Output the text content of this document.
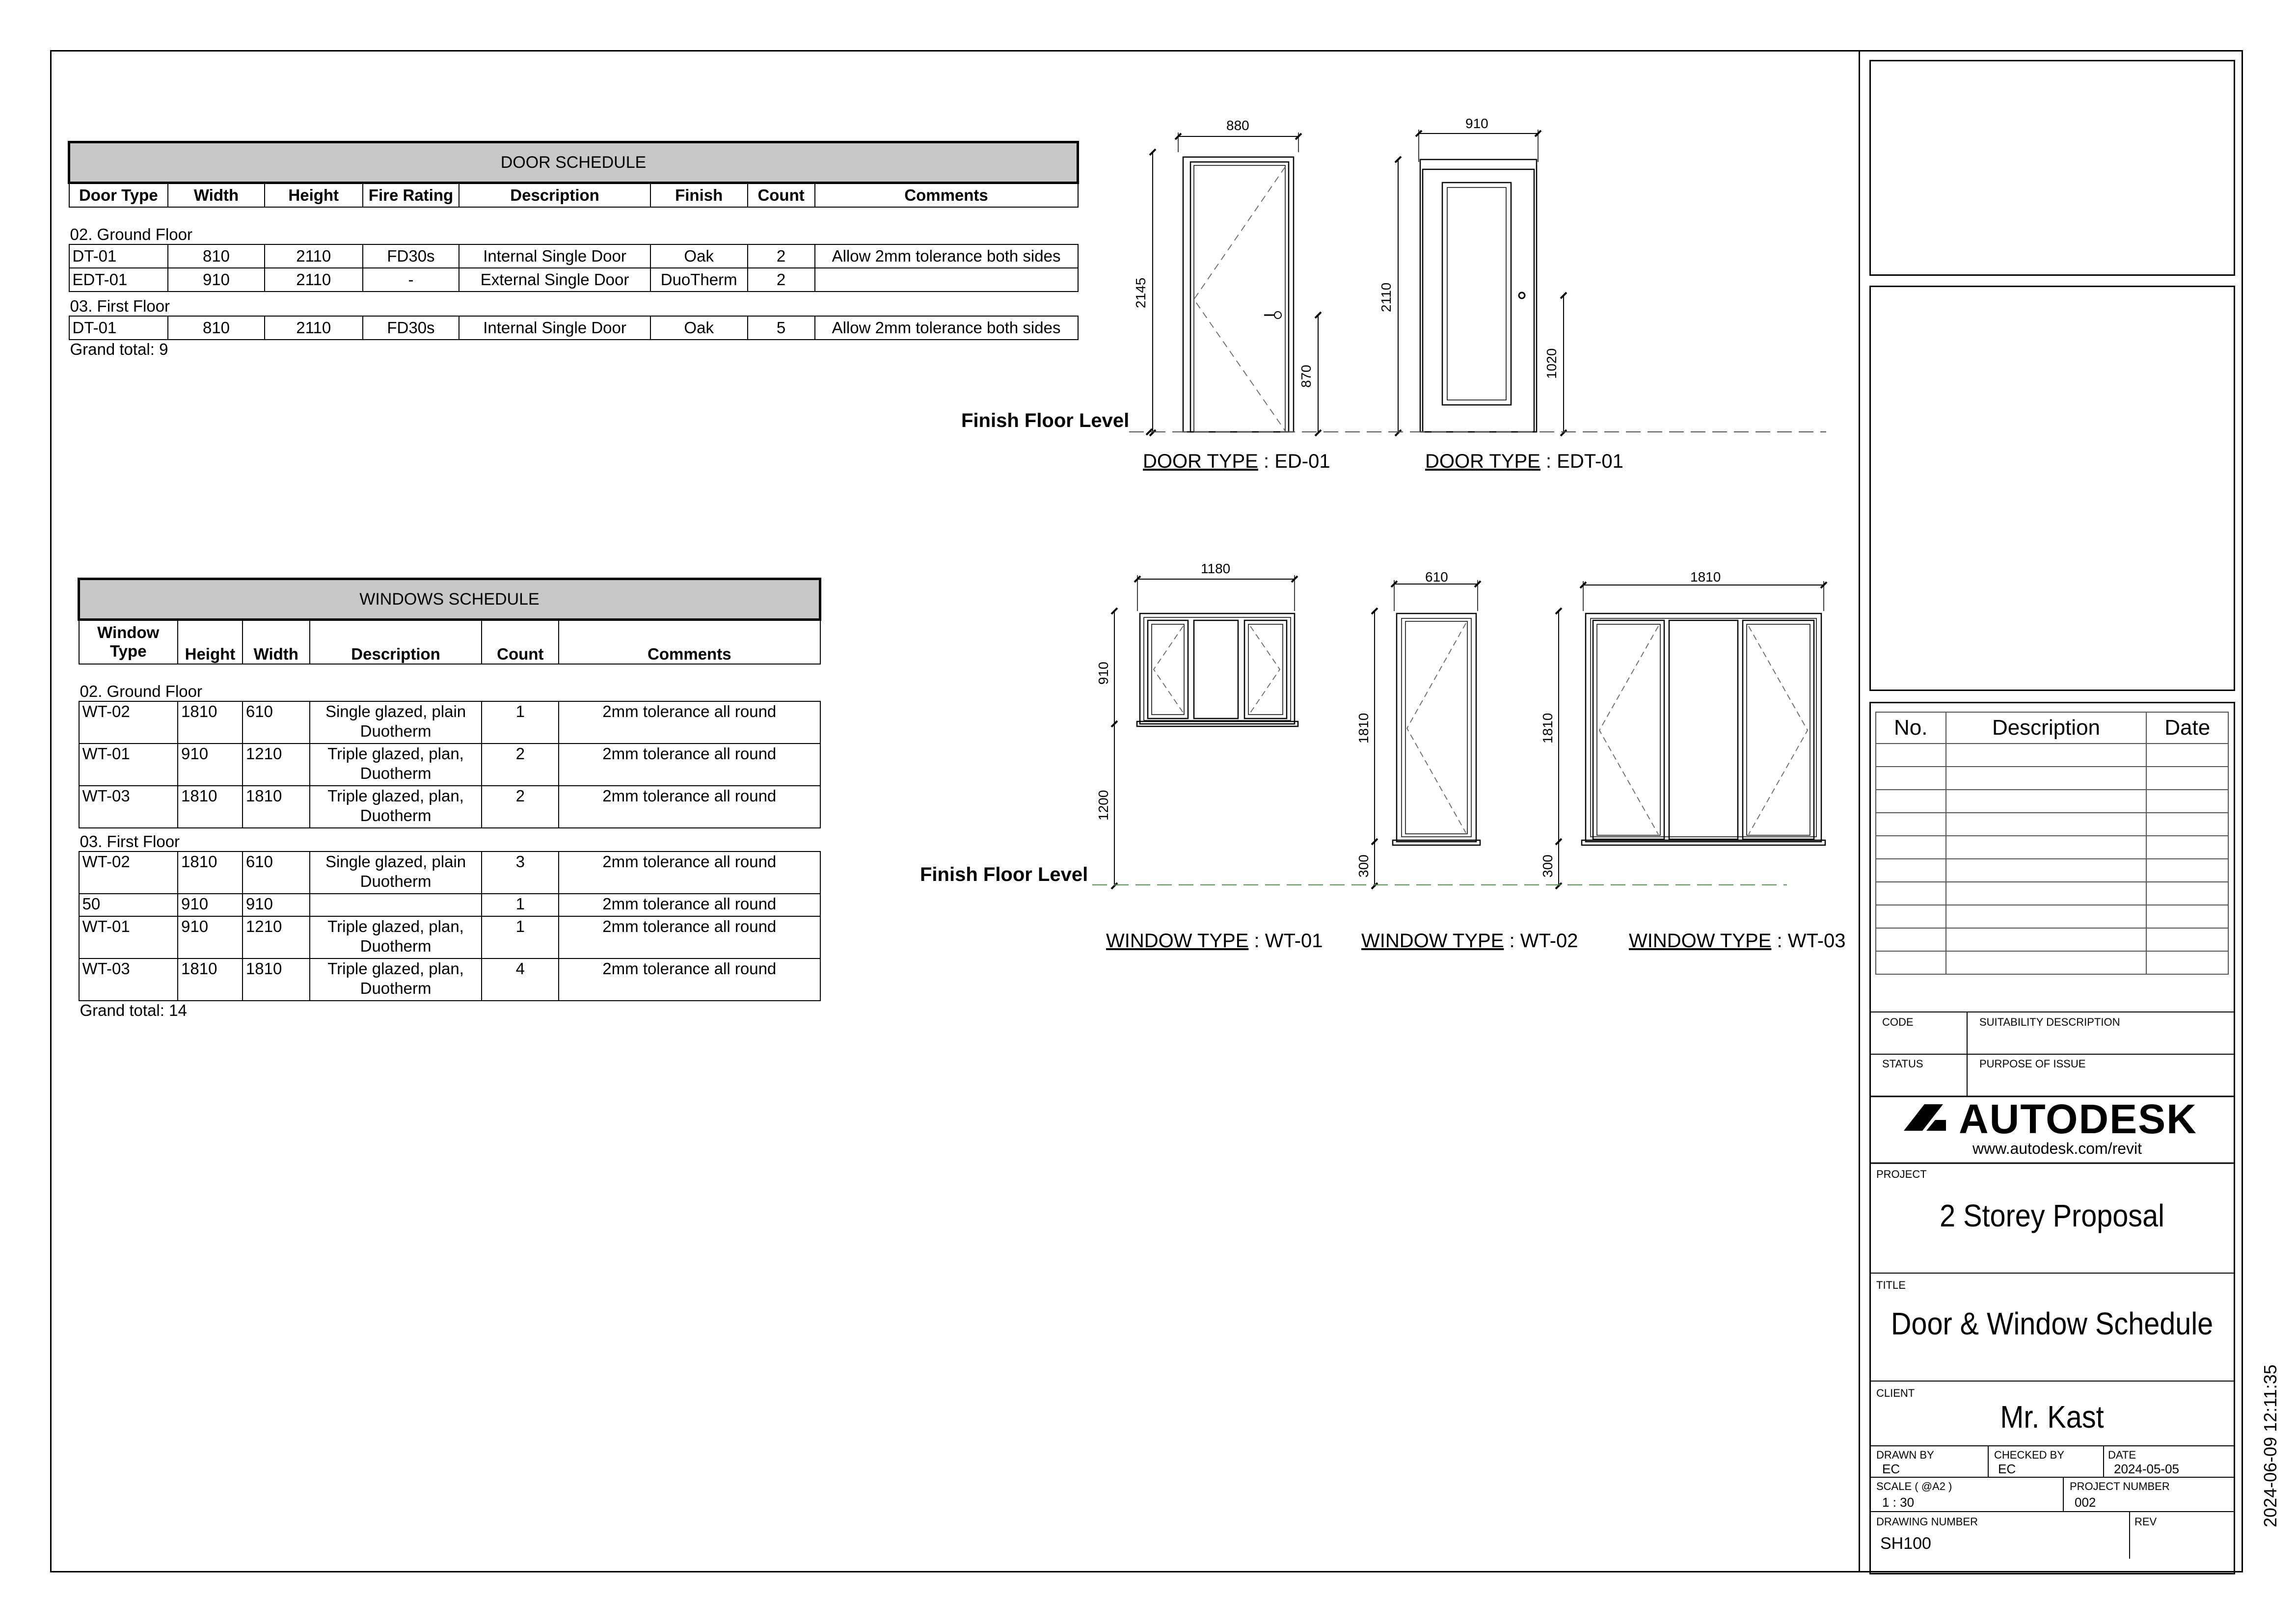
DOOR SCHEDULE							
Door Type	Width	Height	Fire Rating	Description	Finish	Count	Comments

02. Ground Floor							
DT-01	810	2110	FD30s	Internal Single Door	Oak	2	Allow 2mm tolerance both sides
EDT-01	910	2110	-	External Single Door	DuoTherm	2	
03. First Floor							
DT-01	810	2110	FD30s	Internal Single Door	Oak	5	Allow 2mm tolerance both sides
Grand total: 9							
WINDOWS SCHEDULE					
Window Type	Height	Width	Description	Count	Comments

02. Ground Floor					
WT-02	1810	610	Single glazed, plain Duotherm	1	2mm tolerance all round
WT-01	910	1210	Triple glazed, plan, Duotherm	2	2mm tolerance all round
WT-03	1810	1810	Triple glazed, plan, Duotherm	2	2mm tolerance all round
03. First Floor					
WT-02	1810	610	Single glazed, plain Duotherm	3	2mm tolerance all round
50	910	910		1	2mm tolerance all round
WT-01	910	1210	Triple glazed, plan, Duotherm	1	2mm tolerance all round
WT-03	1810	1810	Triple glazed, plan, Duotherm	4	2mm tolerance all round
Grand total: 14					
880	910
2145
870
2110
1020
1180
610	1810
910
1200
1810
300
1810
300
Finish Floor Level
Finish Floor Level
DOOR TYPE : ED-01	DOOR TYPE : EDT-01
WINDOW TYPE : WT-01 WINDOW TYPE : WT-02	WINDOW TYPE : WT-03
No.	Description	Date

CODE	SUITABILITY DESCRIPTION
STATUS	PURPOSE OF ISSUE
AUTODESK
www.autodesk.com/revit
PROJECT
2 Storey Proposal
TITLE
Door & Window Schedule
CLIENT
Mr. Kast
DRAWN BY
EC
CHECKED BY
EC
DATE
2024-05-05
SCALE ( @A2 )
1 : 30
PROJECT NUMBER
002
DRAWING NUMBER
SH100
REV	2024-06-09 12:11:35
